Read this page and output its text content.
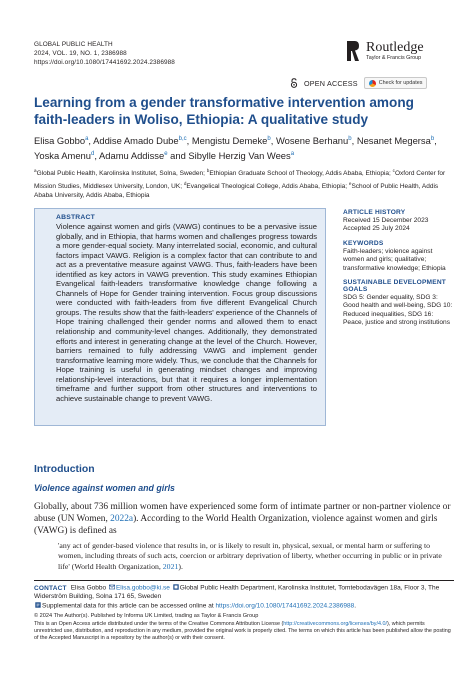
GLOBAL PUBLIC HEALTH
2024, VOL. 19, NO. 1, 2386988
https://doi.org/10.1080/17441692.2024.2386988
Routledge
Taylor & Francis Group
OPEN ACCESS	Check for updates
Learning from a gender transformative intervention among faith-leaders in Woliso, Ethiopia: A qualitative study
Elisa Gobbo$^a$, Addise Amado Dube$^{b,c}$, Mengistu Demeke$^b$, Wosene Berhanu$^b$, Nesanet Megersa$^b$, Yoska Amenu$^d$, Adamu Addisse$^e$ and Sibylle Herzig Van Wees$^a$
$^a$Global Public Health, Karolinska Institutet, Solna, Sweden; $^b$Ethiopian Graduate School of Theology, Addis Ababa, Ethiopia; $^c$Oxford Center for Mission Studies, Middlesex University, London, UK; $^d$Evangelical Theological College, Addis Ababa, Ethiopia; $^e$School of Public Health, Addis Ababa University, Addis Ababa, Ethiopia
ABSTRACT
Violence against women and girls (VAWG) continues to be a pervasive issue globally, and in Ethiopia, that harms women and challenges progress towards a more gender-equal society. Many interrelated social, economic, and cultural factors impact VAWG. Religion is a complex factor that can contribute to and act as a preventative measure against VAWG. Thus, faith-leaders have been identified as key actors in VAWG prevention. This study examines Ethiopian Evangelical faith-leaders transformative knowledge change following a Channels of Hope for Gender training intervention. Focus group discussions were conducted with faith-leaders from five different Evangelical Church groups. The results show that the faith-leaders' experience of the Channels of Hope training challenged their gender norms and allowed them to enact relationship and community-level changes. Additionally, they demonstrated efforts and interest in generating change at the level of the Church. However, barriers remained to fully addressing VAWG and implement gender transformative learning more widely. Thus, we conclude that the Channels for Hope training is useful in generating mindset changes and improving relationship-level interactions, but that it requires a longer implementation timeframe and further support from other structures and interventions to achieve sustainable change to prevent VAWG.
ARTICLE HISTORY
Received 15 December 2023
Accepted 25 July 2024
KEYWORDS
Faith-leaders; violence against women and girls; qualitative; transformative knowledge; Ethiopia
SUSTAINABLE DEVELOPMENT GOALS
SDG 5: Gender equality, SDG 3: Good health and well-being, SDG 10: Reduced inequalities, SDG 16: Peace, justice and strong institutions
Introduction
Violence against women and girls
Globally, about 736 million women have experienced some form of intimate partner or non-partner violence or abuse (UN Women, 2022a). According to the World Health Organization, violence against women and girls (VAWG) is defined as
'any act of gender-based violence that results in, or is likely to result in, physical, sexual, or mental harm or suffering to women, including threats of such acts, coercion or arbitrary deprivation of liberty, whether occurring in public or in private life' (World Health Organization, 2021).
CONTACT Elisa Gobbo Elisa.gobbo@ki.se Global Public Health Department, Karolinska Institutet, Tomtebodavägen 18a, Floor 3, The Widerström Building, Solna 171 65, Sweden
Supplemental data for this article can be accessed online at https://doi.org/10.1080/17441692.2024.2386988.
© 2024 The Author(s). Published by Informa UK Limited, trading as Taylor & Francis Group
This is an Open Access article distributed under the terms of the Creative Commons Attribution License (http://creativecommons.org/licenses/by/4.0/), which permits unrestricted use, distribution, and reproduction in any medium, provided the original work is properly cited. The terms on which this article has been published allow the posting of the Accepted Manuscript in a repository by the author(s) or with their consent.
